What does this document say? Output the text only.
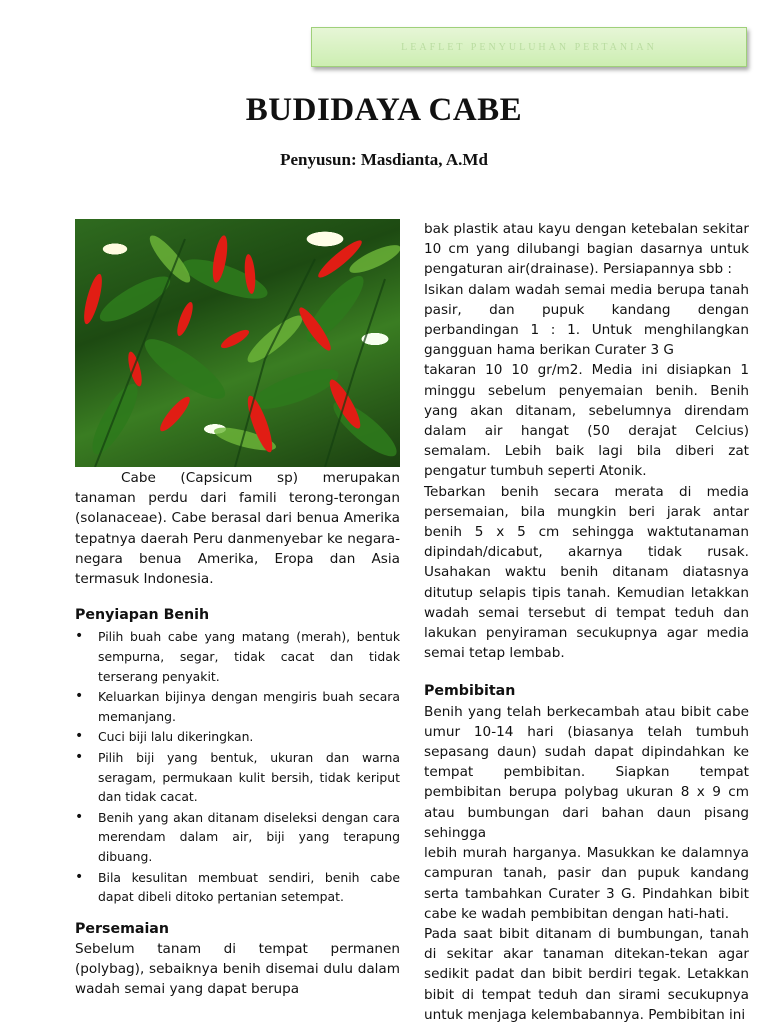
LEAFLET PENYULUHAN PERTANIAN
BUDIDAYA CABE
Penyusun: Masdianta, A.Md

Cabe (Capsicum sp) merupakan tanaman perdu dari famili terong-terongan (solanaceae). Cabe berasal dari benua Amerika tepatnya daerah Peru danmenyebar ke negara-negara benua Amerika, Eropa dan Asia termasuk Indonesia.

Penyiapan Benih

• Pilih buah cabe yang matang (merah), bentuk sempurna, segar, tidak cacat dan tidak terserang penyakit.
• Keluarkan bijinya dengan mengiris buah secara memanjang.
• Cuci biji lalu dikeringkan.
• Pilih biji yang bentuk, ukuran dan warna seragam, permukaan kulit bersih, tidak keriput dan tidak cacat.
• Benih yang akan ditanam diseleksi dengan cara merendam dalam air, biji yang terapung dibuang.
• Bila kesulitan membuat sendiri, benih cabe dapat dibeli ditoko pertanian setempat.

Persemaian

Sebelum tanam di tempat permanen (polybag), sebaiknya benih disemai dulu dalam wadah semai yang dapat berupa

bak plastik atau kayu dengan ketebalan sekitar 10 cm yang dilubangi bagian dasarnya untuk pengaturan air(drainase). Persiapannya sbb :

Isikan dalam wadah semai media berupa tanah pasir, dan pupuk kandang dengan perbandingan 1 : 1. Untuk menghilangkan gangguan hama berikan Curater 3 G

takaran 10 10 gr/m2. Media ini disiapkan 1 minggu sebelum penyemaian benih. Benih yang akan ditanam, sebelumnya direndam dalam air hangat (50 derajat Celcius) semalam. Lebih baik lagi bila diberi zat pengatur tumbuh seperti Atonik.

Tebarkan benih secara merata di media persemaian, bila mungkin beri jarak antar benih 5 x 5 cm sehingga waktutanaman dipindah/dicabut, akarnya tidak rusak. Usahakan waktu benih ditanam diatasnya ditutup selapis tipis tanah. Kemudian letakkan wadah semai tersebut di tempat teduh dan lakukan penyiraman secukupnya agar media semai tetap lembab.

Pembibitan

Benih yang telah berkecambah atau bibit cabe umur 10-14 hari (biasanya telah tumbuh sepasang daun) sudah dapat dipindahkan ke tempat pembibitan. Siapkan tempat pembibitan berupa polybag ukuran 8 x 9 cm atau bumbungan dari bahan daun pisang sehingga

lebih murah harganya. Masukkan ke dalamnya campuran tanah, pasir dan pupuk kandang serta tambahkan Curater 3 G. Pindahkan bibit cabe ke wadah pembibitan dengan hati-hati.

Pada saat bibit ditanam di bumbungan, tanah di sekitar akar tanaman ditekan-tekan agar sedikit padat dan bibit berdiri tegak. Letakkan bibit di tempat teduh dan sirami secukupnya untuk menjaga kelembabannya. Pembibitan ini
